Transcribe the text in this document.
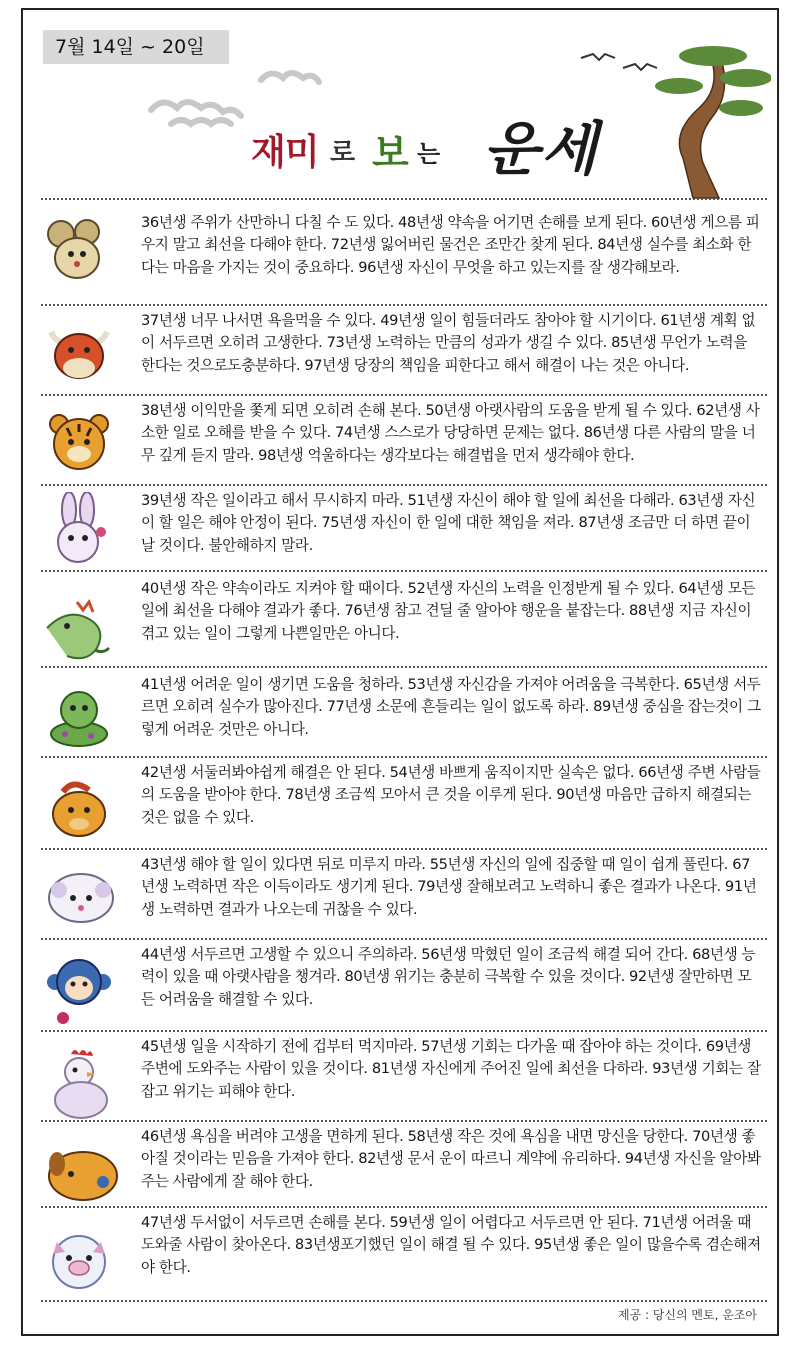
7월 14일 ~ 20일
재미 로 보 는 운세

36년생 주위가 산만하니 다칠 수 도 있다. 48년생 약속을 어기면 손해를 보게 된다. 60년생 게으름 피우지 말고 최선을 다해야 한다. 72년생 잃어버린 물건은 조만간 찾게 된다. 84년생 실수를 최소화 한다는 마음을 가지는 것이 중요하다. 96년생 자신이 무엇을 하고 있는지를 잘 생각해보라.

37년생 너무 나서면 욕을먹을 수 있다. 49년생 일이 힘들더라도 참아야 할 시기이다. 61년생 계획 없이 서두르면 오히려 고생한다. 73년생 노력하는 만큼의 성과가 생길 수 있다. 85년생 무언가 노력을 한다는 것으로도충분하다. 97년생 당장의 책임을 피한다고 해서 해결이 나는 것은 아니다.

38년생 이익만을 쫓게 되면 오히려 손해 본다. 50년생 아랫사람의 도움을 받게 될 수 있다. 62년생 사소한 일로 오해를 받을 수 있다. 74년생 스스로가 당당하면 문제는 없다. 86년생 다른 사람의 말을 너무 깊게 듣지 말라. 98년생 억울하다는 생각보다는 해결법을 먼저 생각해야 한다.

39년생 작은 일이라고 해서 무시하지 마라. 51년생 자신이 해야 할 일에 최선을 다해라. 63년생 자신이 할 일은 해야 안정이 된다. 75년생 자신이 한 일에 대한 책임을 져라. 87년생 조금만 더 하면 끝이 날 것이다. 불안해하지 말라.

40년생 작은 약속이라도 지켜야 할 때이다. 52년생 자신의 노력을 인정받게 될 수 있다. 64년생 모든 일에 최선을 다해야 결과가 좋다. 76년생 참고 견딜 줄 알아야 행운을 붙잡는다. 88년생 지금 자신이 겪고 있는 일이 그렇게 나쁜일만은 아니다.

41년생 어려운 일이 생기면 도움을 청하라. 53년생 자신감을 가져야 어려움을 극복한다. 65년생 서두르면 오히려 실수가 많아진다. 77년생 소문에 흔들리는 일이 없도록 하라. 89년생 중심을 잡는것이 그렇게 어려운 것만은 아니다.

42년생 서둘러봐야쉽게 해결은 안 된다. 54년생 바쁘게 움직이지만 실속은 없다. 66년생 주변 사람들의 도움을 받아야 한다. 78년생 조금씩 모아서 큰 것을 이루게 된다. 90년생 마음만 급하지 해결되는것은 없을 수 있다.

43년생 해야 할 일이 있다면 뒤로 미루지 마라. 55년생 자신의 일에 집중할 때 일이 쉽게 풀린다. 67년생 노력하면 작은 이득이라도 생기게 된다. 79년생 잘해보려고 노력하니 좋은 결과가 나온다. 91년생 노력하면 결과가 나오는데 귀찮을 수 있다.

44년생 서두르면 고생할 수 있으니 주의하라. 56년생 막혔던 일이 조금씩 해결 되어 간다. 68년생 능력이 있을 때 아랫사람을 챙겨라. 80년생 위기는 충분히 극복할 수 있을 것이다. 92년생 잘만하면 모든 어려움을 해결할 수 있다.

45년생 일을 시작하기 전에 겁부터 먹지마라. 57년생 기회는 다가올 때 잡아야 하는 것이다. 69년생 주변에 도와주는 사람이 있을 것이다. 81년생 자신에게 주어진 일에 최선을 다하라. 93년생 기회는 잘 잡고 위기는 피해야 한다.

46년생 욕심을 버려야 고생을 면하게 된다. 58년생 작은 것에 욕심을 내면 망신을 당한다. 70년생 좋아질 것이라는 믿음을 가져야 한다. 82년생 문서 운이 따르니 계약에 유리하다. 94년생 자신을 알아봐주는 사람에게 잘 해야 한다.

47년생 두서없이 서두르면 손해를 본다. 59년생 일이 어렵다고 서두르면 안 된다. 71년생 어려울 때 도와줄 사람이 찾아온다. 83년생포기했던 일이 해결 될 수 있다. 95년생 좋은 일이 많을수록 겸손해져야 한다.

제공 : 당신의 멘토, 운조아
